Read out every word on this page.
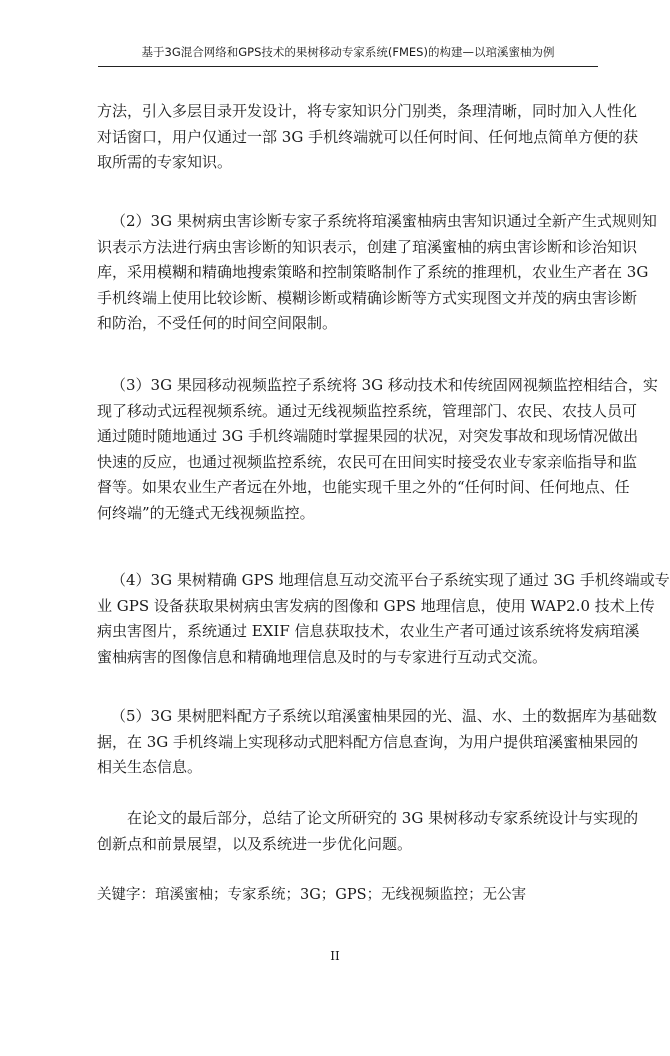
基于3G混合网络和GPS技术的果树移动专家系统(FMES)的构建—以琯溪蜜柚为例
方法，引入多层目录开发设计，将专家知识分门别类，条理清晰，同时加入人性化
对话窗口，用户仅通过一部 3G 手机终端就可以任何时间、任何地点简单方便的获
取所需的专家知识。
（2）3G 果树病虫害诊断专家子系统将琯溪蜜柚病虫害知识通过全新产生式规则知
识表示方法进行病虫害诊断的知识表示，创建了琯溪蜜柚的病虫害诊断和诊治知识
库，采用模糊和精确地搜索策略和控制策略制作了系统的推理机，农业生产者在 3G
手机终端上使用比较诊断、模糊诊断或精确诊断等方式实现图文并茂的病虫害诊断
和防治，不受任何的时间空间限制。
（3）3G 果园移动视频监控子系统将 3G 移动技术和传统固网视频监控相结合，实
现了移动式远程视频系统。通过无线视频监控系统，管理部门、农民、农技人员可
通过随时随地通过 3G 手机终端随时掌握果园的状况，对突发事故和现场情况做出
快速的反应，也通过视频监控系统，农民可在田间实时接受农业专家亲临指导和监
督等。如果农业生产者远在外地，也能实现千里之外的“任何时间、任何地点、任
何终端”的无缝式无线视频监控。
（4）3G 果树精确 GPS 地理信息互动交流平台子系统实现了通过 3G 手机终端或专
业 GPS 设备获取果树病虫害发病的图像和 GPS 地理信息，使用 WAP2.0 技术上传
病虫害图片，系统通过 EXIF 信息获取技术，农业生产者可通过该系统将发病琯溪
蜜柚病害的图像信息和精确地理信息及时的与专家进行互动式交流。
（5）3G 果树肥料配方子系统以琯溪蜜柚果园的光、温、水、土的数据库为基础数
据，在 3G 手机终端上实现移动式肥料配方信息查询，为用户提供琯溪蜜柚果园的
相关生态信息。
在论文的最后部分，总结了论文所研究的 3G 果树移动专家系统设计与实现的
创新点和前景展望，以及系统进一步优化问题。
关键字：琯溪蜜柚；专家系统；3G；GPS；无线视频监控；无公害
II
